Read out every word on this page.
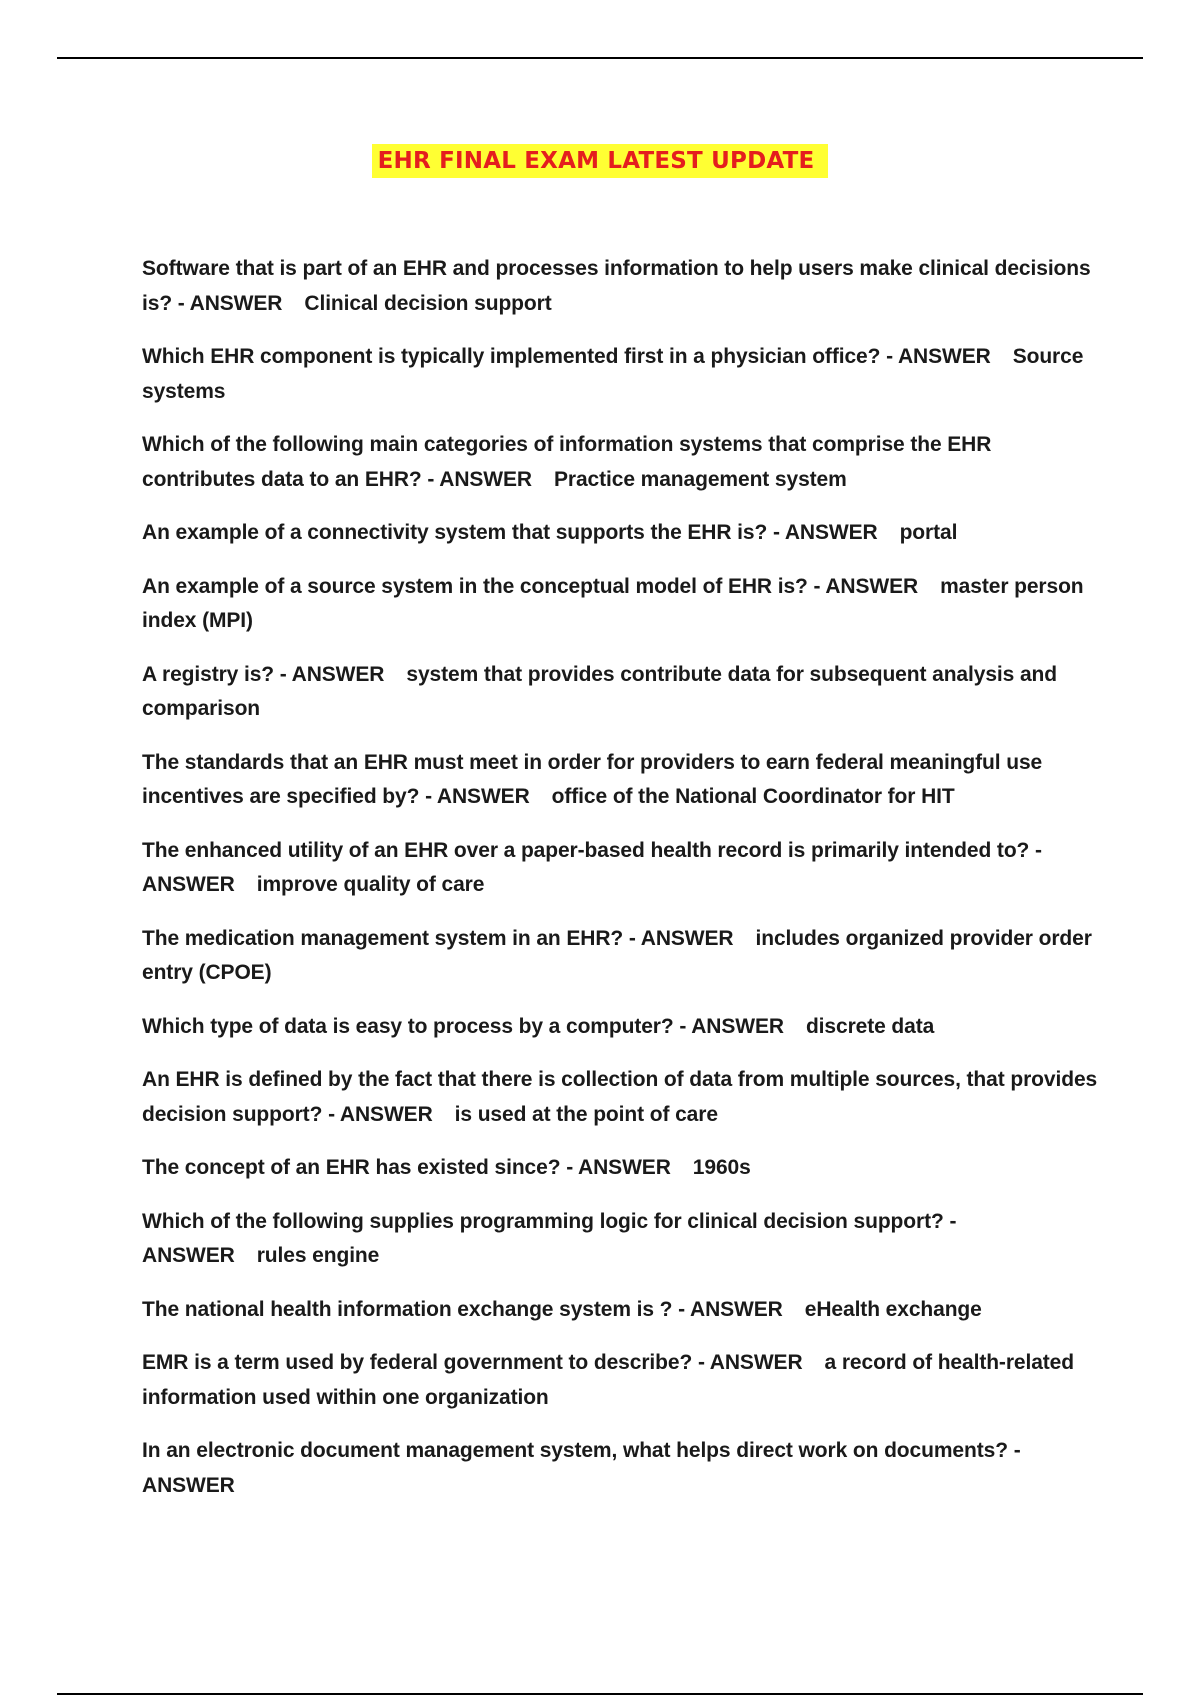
EHR FINAL EXAM LATEST UPDATE
Software that is part of an EHR and processes information to help users make clinical decisions is? - ANSWER Clinical decision support
Which EHR component is typically implemented first in a physician office? - ANSWER Source systems
Which of the following main categories of information systems that comprise the EHR contributes data to an EHR? - ANSWER Practice management system
An example of a connectivity system that supports the EHR is? - ANSWER portal
An example of a source system in the conceptual model of EHR is? - ANSWER master person index (MPI)
A registry is? - ANSWER system that provides contribute data for subsequent analysis and comparison
The standards that an EHR must meet in order for providers to earn federal meaningful use incentives are specified by? - ANSWER office of the National Coordinator for HIT
The enhanced utility of an EHR over a paper-based health record is primarily intended to? - ANSWER improve quality of care
The medication management system in an EHR? - ANSWER includes organized provider order entry (CPOE)
Which type of data is easy to process by a computer? - ANSWER discrete data
An EHR is defined by the fact that there is collection of data from multiple sources, that provides decision support? - ANSWER is used at the point of care
The concept of an EHR has existed since? - ANSWER 1960s
Which of the following supplies programming logic for clinical decision support? - ANSWER rules engine
The national health information exchange system is ? - ANSWER eHealth exchange
EMR is a term used by federal government to describe? - ANSWER a record of health-related information used within one organization
In an electronic document management system, what helps direct work on documents? - ANSWER
